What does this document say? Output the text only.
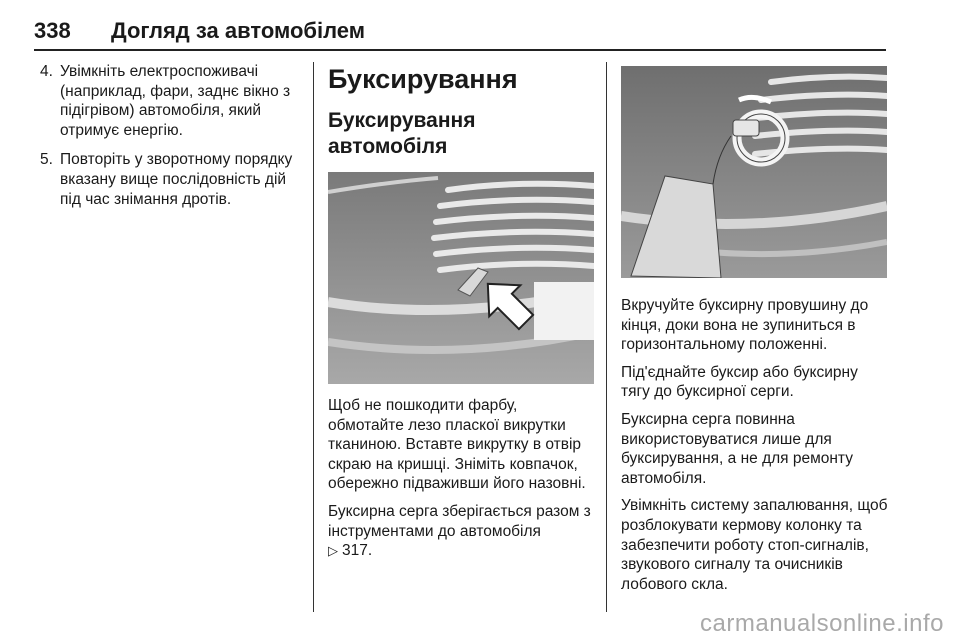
338 Догляд за автомобілем
4. Увімкніть електроспоживачі (наприклад, фари, заднє вікно з підігрівом) автомобіля, який отримує енергію.
5. Повторіть у зворотному порядку вказану вище послідовність дій під час знімання дротів.
Буксирування
Буксирування автомобіля
Щоб не пошкодити фарбу, обмотайте лезо пласкої викрутки тканиною. Вставте викрутку в отвір скраю на кришці. Зніміть ковпачок, обережно підваживши його назовні.
Буксирна серга зберігається разом з інструментами до автомобіля
▷ 317.
Вкручуйте буксирну провушину до кінця, доки вона не зупиниться в горизонтальному положенні.
Під'єднайте буксир або буксирну тягу до буксирної серги.
Буксирна серга повинна використовуватися лише для буксирування, а не для ремонту автомобіля.
Увімкніть систему запалювання, щоб розблокувати кермову колонку та забезпечити роботу стоп-сигналів, звукового сигналу та очисників лобового скла.
carmanualsonline.info
